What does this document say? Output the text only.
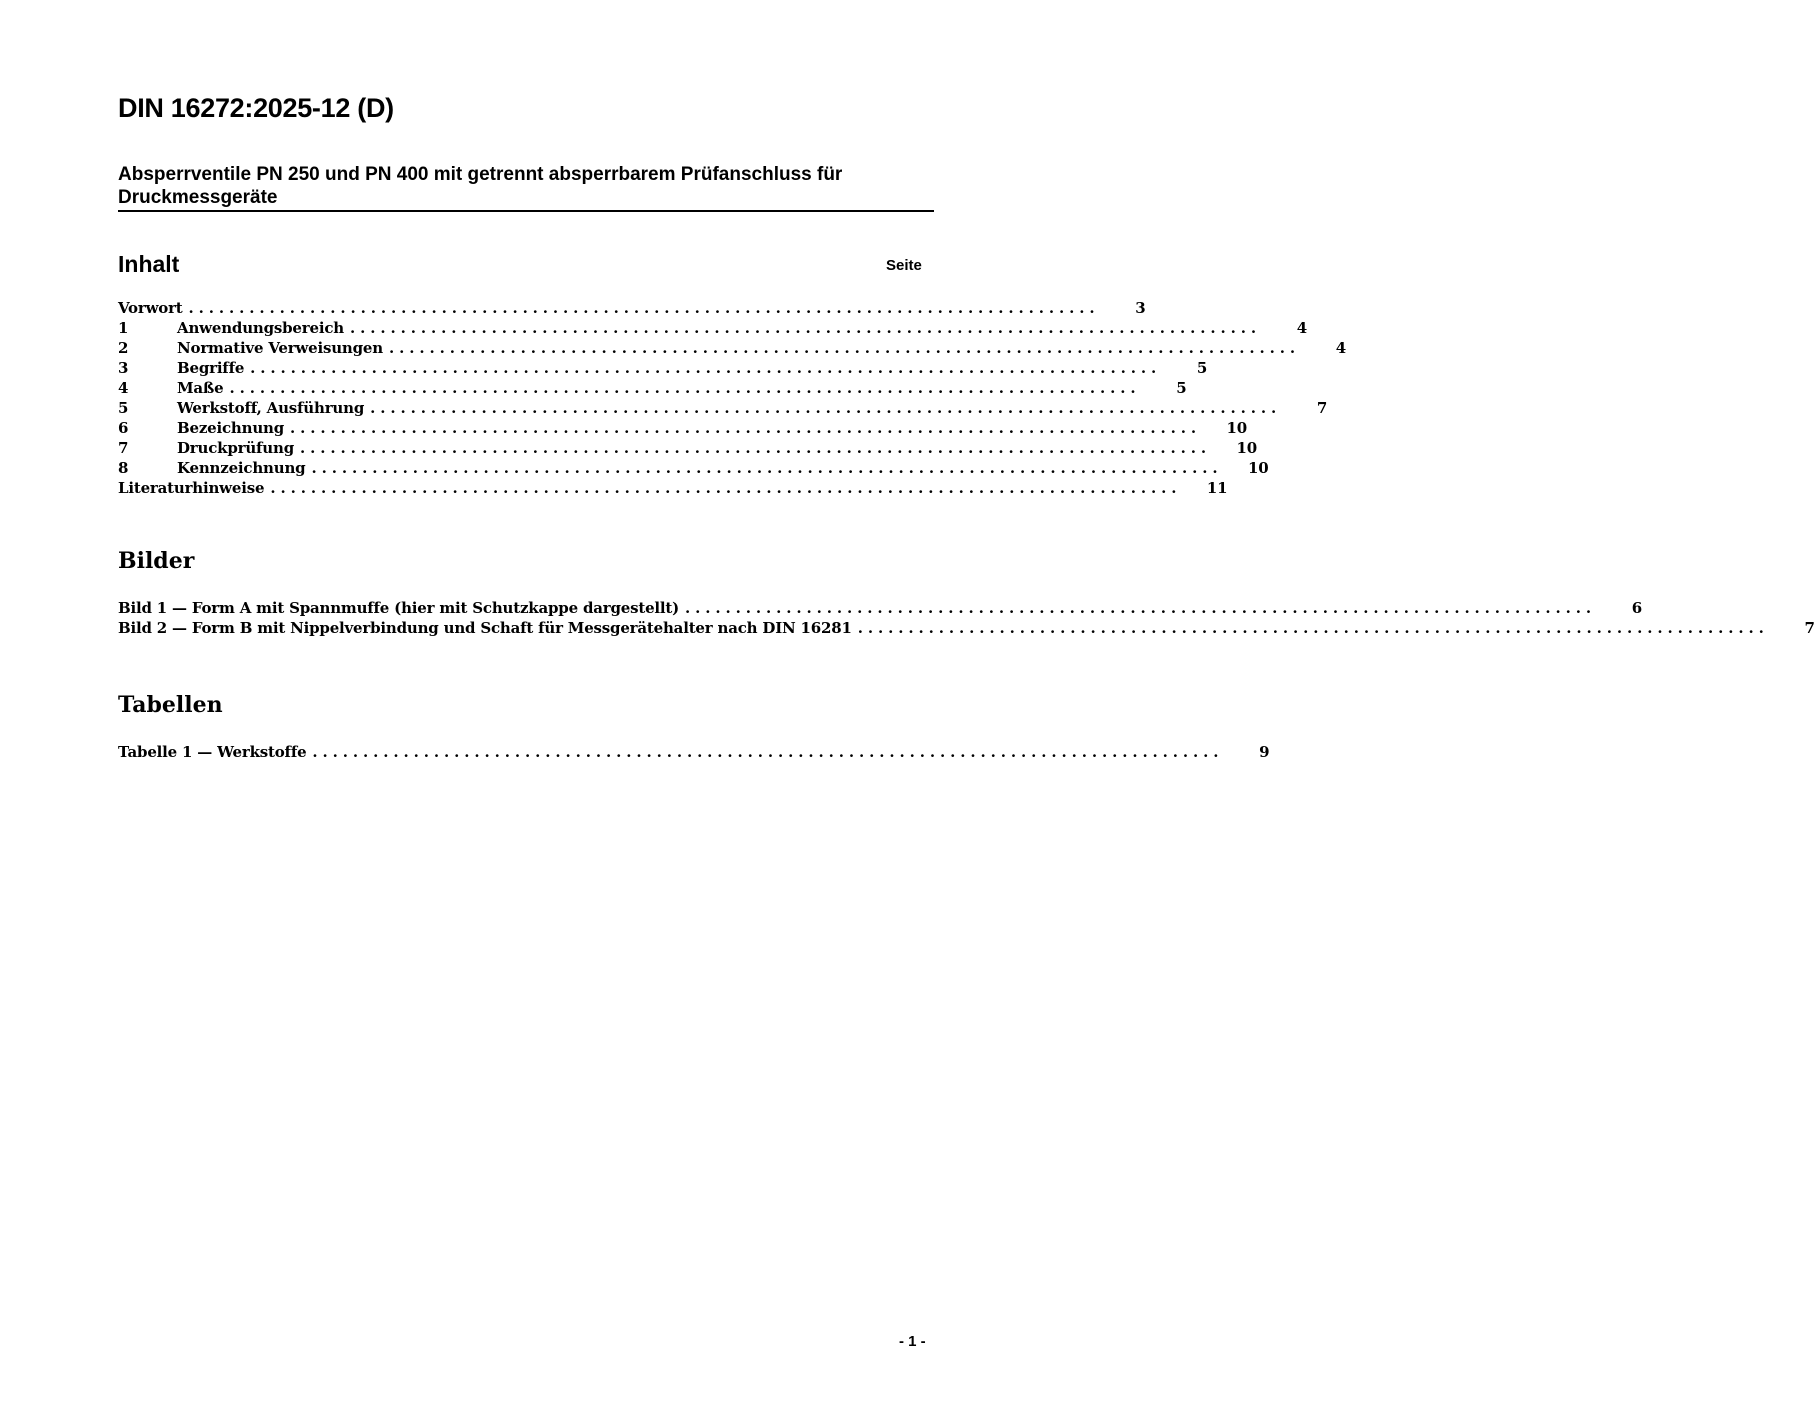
DIN 16272:2025-12 (D)
Absperrventile PN 250 und PN 400 mit getrennt absperrbarem Prüfanschluss für Druckmessgeräte
Inhalt	Seite
Vorwort ..........................................................................................	3
1	Anwendungsbereich ..........................................................................................	4
2	Normative Verweisungen ..........................................................................................	4
3	Begriffe ..........................................................................................	5
4	Maße ..........................................................................................	5
5	Werkstoff, Ausführung ..........................................................................................	7
6	Bezeichnung ..........................................................................................	10
7	Druckprüfung ..........................................................................................	10
8	Kennzeichnung ..........................................................................................	10
Literaturhinweise ..........................................................................................	11
Bilder
Bild 1 — Form A mit Spannmuffe (hier mit Schutzkappe dargestellt) ..........................................................................................	6
Bild 2 — Form B mit Nippelverbindung und Schaft für Messgerätehalter nach DIN 16281 ..........................................................................................	7
Tabellen
Tabelle 1 — Werkstoffe ..........................................................................................	9
- 1 -
